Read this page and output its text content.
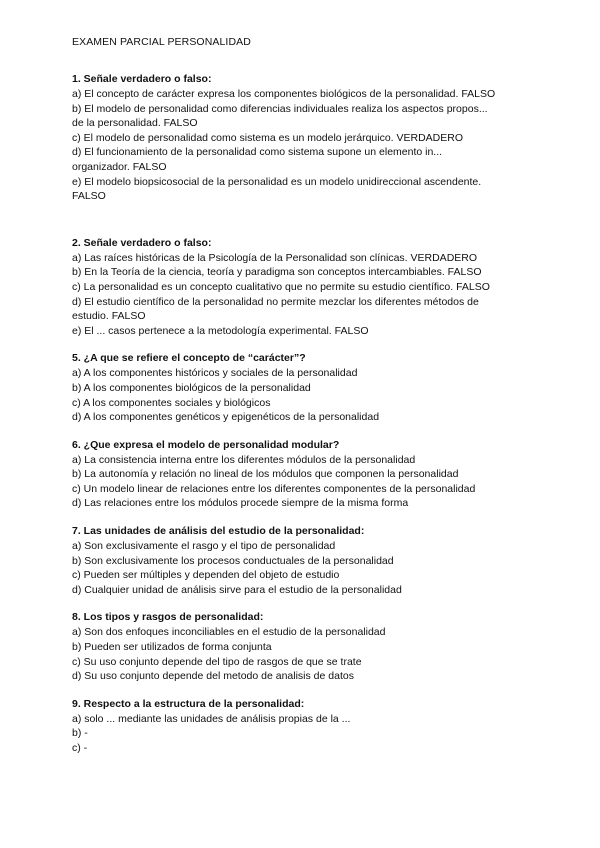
EXAMEN PARCIAL PERSONALIDAD

1. Señale verdadero o falso:

a) El concepto de carácter expresa los componentes biológicos de la personalidad. FALSO

b) El modelo de personalidad como diferencias individuales realiza los aspectos propos...

de la personalidad. FALSO

c) El modelo de personalidad como sistema es un modelo jerárquico. VERDADERO

d) El funcionamiento de la personalidad como sistema supone un elemento in...

organizador. FALSO

e) El modelo biopsicosocial de la personalidad es un modelo unidireccional ascendente.

FALSO

2. Señale verdadero o falso:

a) Las raíces históricas de la Psicología de la Personalidad son clínicas. VERDADERO

b) En la Teoría de la ciencia, teoría y paradigma son conceptos intercambiables. FALSO

c) La personalidad es un concepto cualitativo que no permite su estudio científico. FALSO

d) El estudio científico de la personalidad no permite mezclar los diferentes métodos de

estudio. FALSO

e) El ... casos pertenece a la metodología experimental. FALSO

5. ¿A que se refiere el concepto de “carácter”?

a) A los componentes históricos y sociales de la personalidad

b) A los componentes biológicos de la personalidad

c) A los componentes sociales y biológicos

d) A los componentes genéticos y epigenéticos de la personalidad

6. ¿Que expresa el modelo de personalidad modular?

a) La consistencia interna entre los diferentes módulos de la personalidad

b) La autonomía y relación no lineal de los módulos que componen la personalidad

c) Un modelo linear de relaciones entre los diferentes componentes de la personalidad

d) Las relaciones entre los módulos procede siempre de la misma forma

7. Las unidades de análisis del estudio de la personalidad:

a) Son exclusivamente el rasgo y el tipo de personalidad

b) Son exclusivamente los procesos conductuales de la personalidad

c) Pueden ser múltiples y dependen del objeto de estudio

d) Cualquier unidad de análisis sirve para el estudio de la personalidad

8. Los tipos y rasgos de personalidad:

a) Son dos enfoques inconciliables en el estudio de la personalidad

b) Pueden ser utilizados de forma conjunta

c) Su uso conjunto depende del tipo de rasgos de que se trate

d) Su uso conjunto depende del metodo de analisis de datos

9. Respecto a la estructura de la personalidad:

a) solo ... mediante las unidades de análisis propias de la ...

b) -

c) -
